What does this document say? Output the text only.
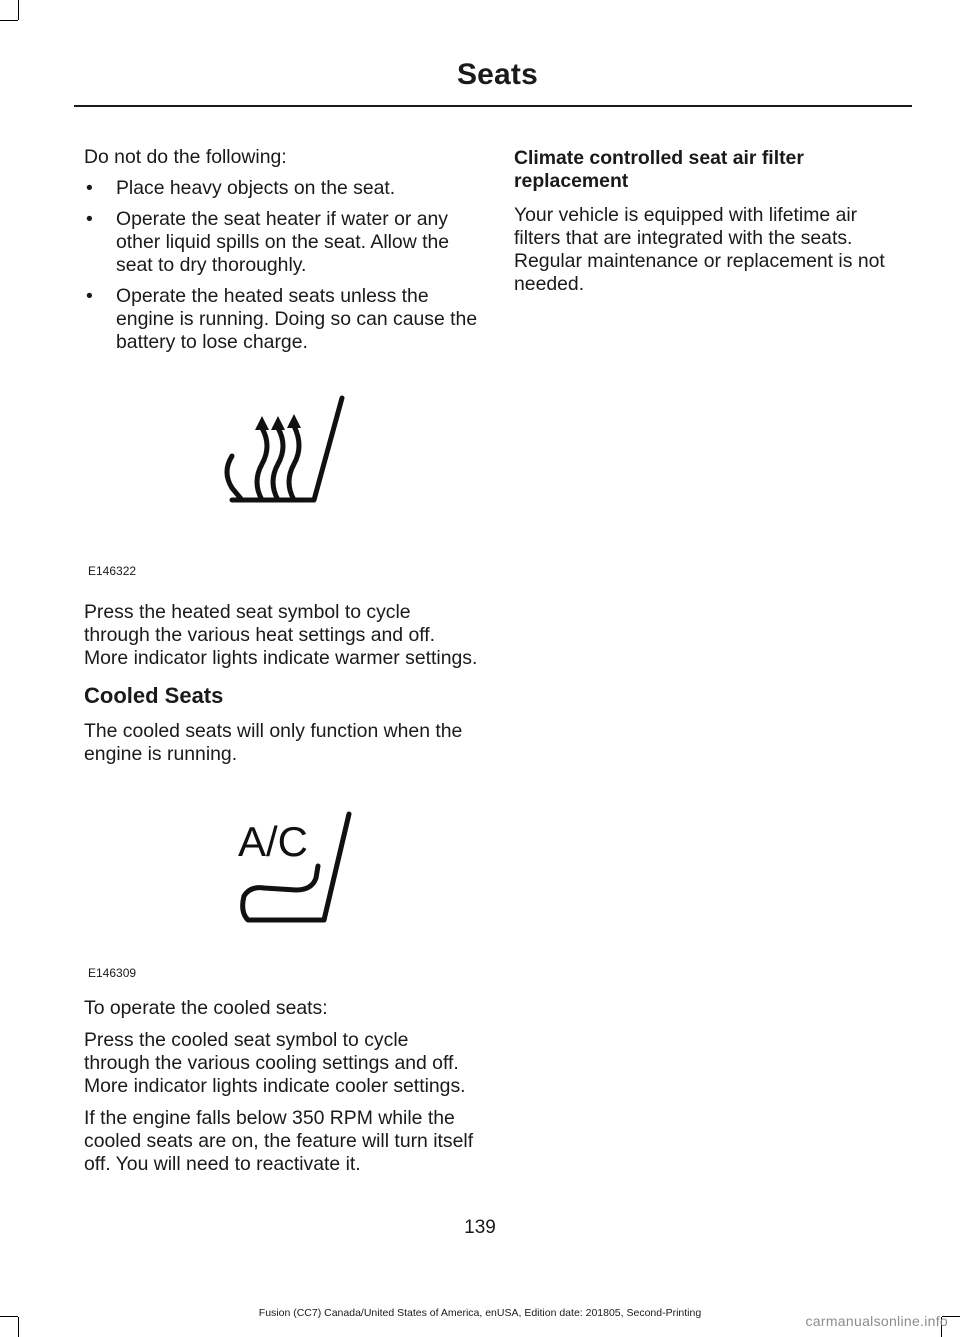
Seats

Do not do the following:

• Place heavy objects on the seat.
• Operate the seat heater if water or any other liquid spills on the seat. Allow the seat to dry thoroughly.
• Operate the heated seats unless the engine is running. Doing so can cause the battery to lose charge.
E146322

Press the heated seat symbol to cycle through the various heat settings and off. More indicator lights indicate warmer settings.

Cooled Seats

The cooled seats will only function when the engine is running.

A/C
E146309

To operate the cooled seats:

Press the cooled seat symbol to cycle through the various cooling settings and off. More indicator lights indicate cooler settings.

If the engine falls below 350 RPM while the cooled seats are on, the feature will turn itself off. You will need to reactivate it.

Climate controlled seat air filter replacement

Your vehicle is equipped with lifetime air filters that are integrated with the seats. Regular maintenance or replacement is not needed.

139
Fusion (CC7) Canada/United States of America, enUSA, Edition date: 201805, Second-Printing	carmanualsonline.info
